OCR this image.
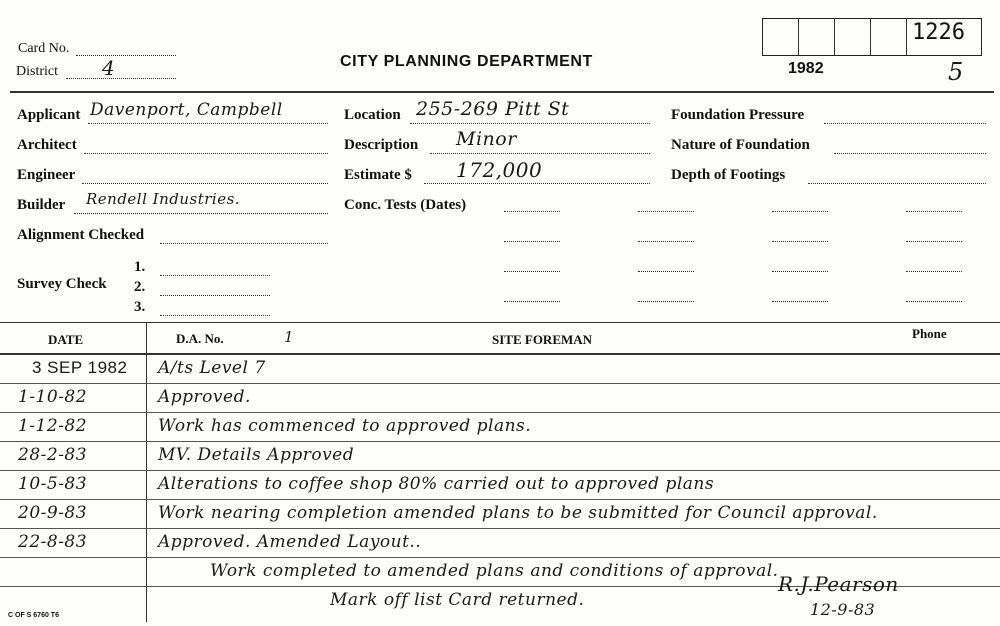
Card No.
District 4	CITY PLANNING DEPARTMENT
1226
1982	5
Applicant Davenport, Campbell
Architect
Engineer
Builder Rendell Industries.
Alignment Checked
Survey Check
1.
2.
3.
Location 255-269 Pitt St
Description Minor
Estimate $ 172,000
Conc. Tests (Dates)
Foundation Pressure
Nature of Foundation
Depth of Footings
DATE	D.A. No.	1	SITE FOREMAN	Phone
3 SEP 1982 A/ts Level 7
1-10-82	Approved.
1-12-82	Work has commenced to approved plans.
28-2-83	MV. Details Approved
10-5-83	Alterations to coffee shop 80% carried out to approved plans
20-9-83	Work nearing completion amended plans to be submitted for Council approval.
22-8-83	Approved. Amended Layout..
Work completed to amended plans and conditions of approval.
Mark off list Card returned.
R.J.Pearson
12-9-83
C OF S 6760 T6
